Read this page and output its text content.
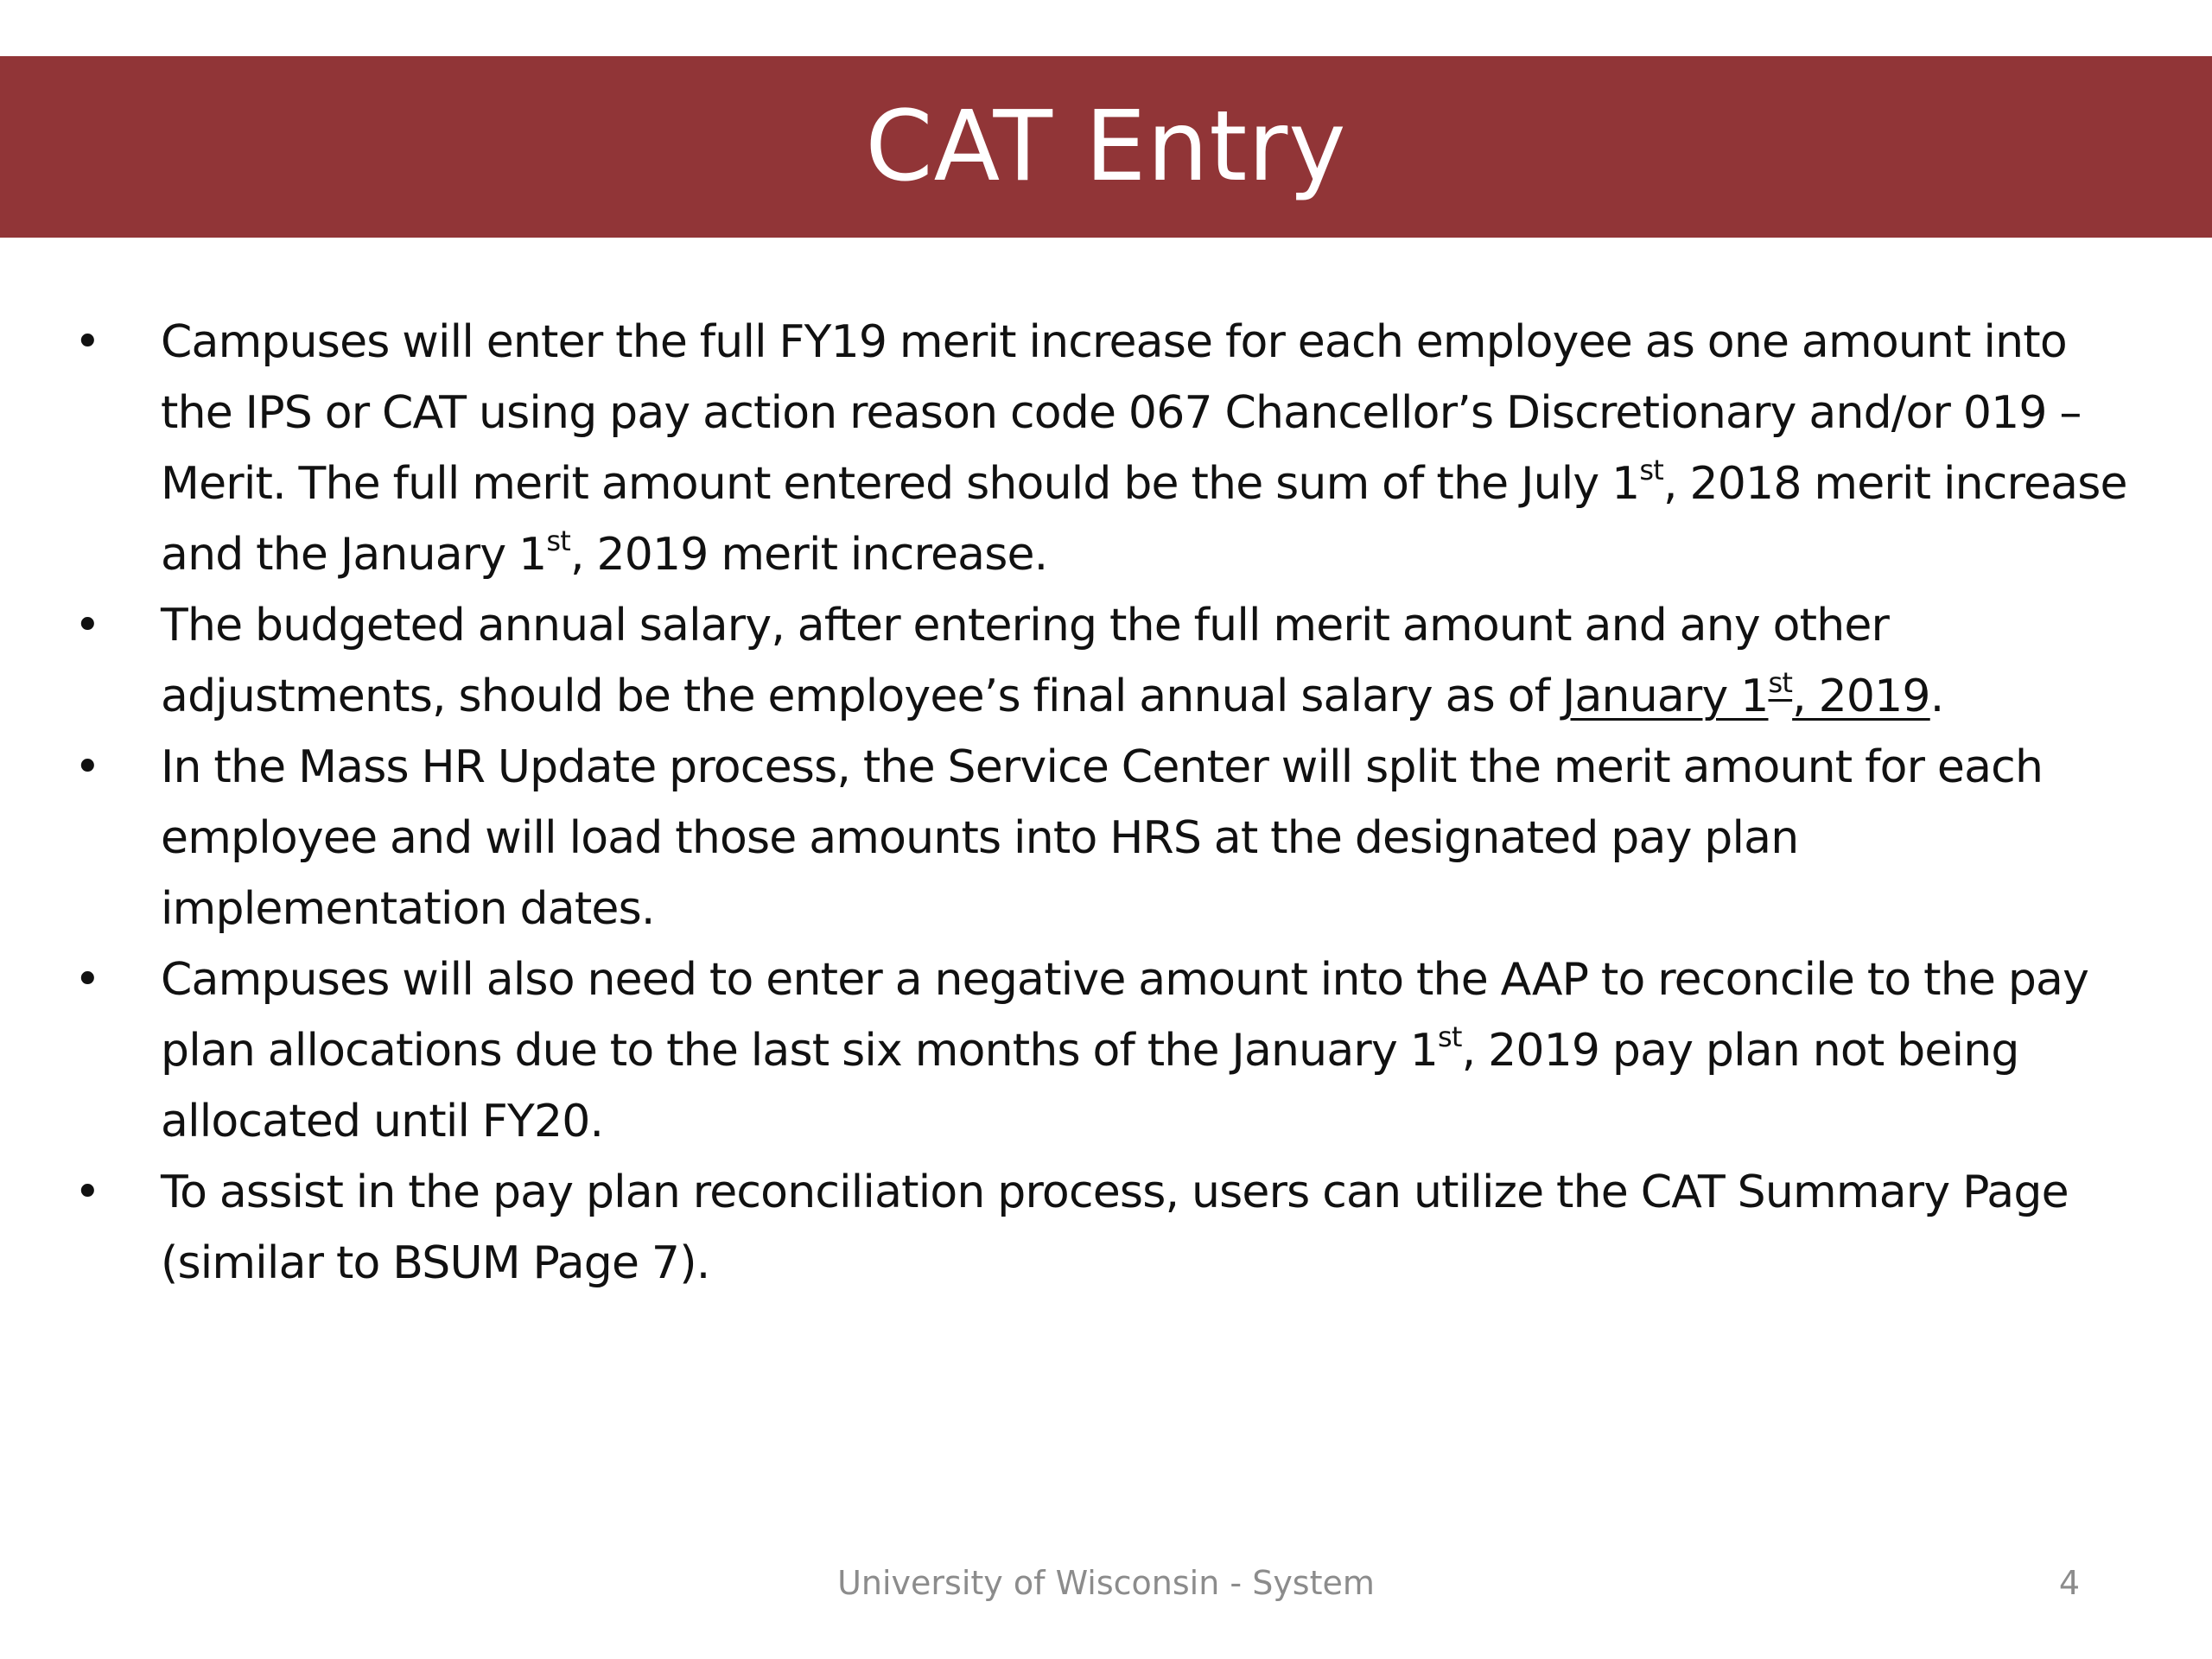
CAT Entry
• Campuses will enter the full FY19 merit increase for each employee as one amount into the IPS or CAT using pay action reason code 067 Chancellor’s Discretionary and/or 019 – Merit. The full merit amount entered should be the sum of the July 1st, 2018 merit increase and the January 1st, 2019 merit increase.
• The budgeted annual salary, after entering the full merit amount and any other adjustments, should be the employee’s final annual salary as of January 1st, 2019.
• In the Mass HR Update process, the Service Center will split the merit amount for each employee and will load those amounts into HRS at the designated pay plan implementation dates.
• Campuses will also need to enter a negative amount into the AAP to reconcile to the pay plan allocations due to the last six months of the January 1st, 2019 pay plan not being allocated until FY20.
• To assist in the pay plan reconciliation process, users can utilize the CAT Summary Page (similar to BSUM Page 7).
University of Wisconsin - System	4
